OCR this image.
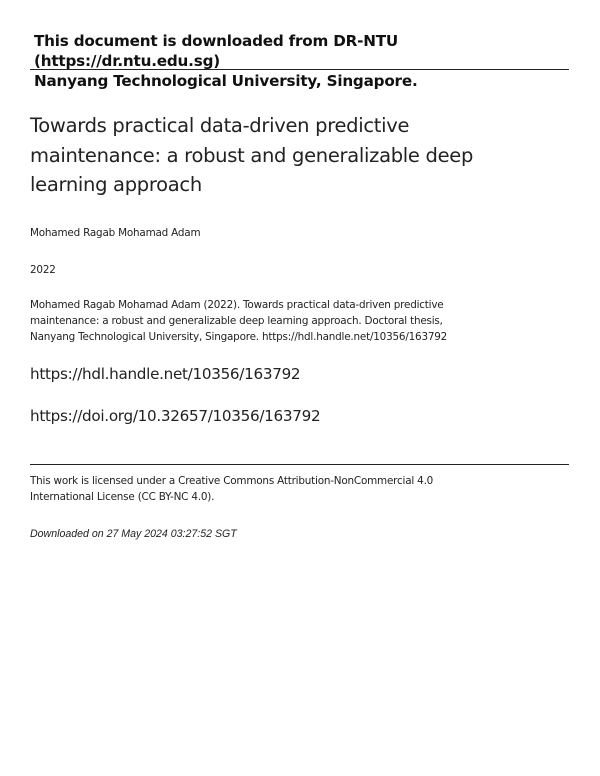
This document is downloaded from DR-NTU (https://dr.ntu.edu.sg)
Nanyang Technological University, Singapore.
Towards practical data-driven predictive maintenance: a robust and generalizable deep learning approach
Mohamed Ragab Mohamad Adam
2022
Mohamed Ragab Mohamad Adam (2022). Towards practical data-driven predictive maintenance: a robust and generalizable deep learning approach. Doctoral thesis, Nanyang Technological University, Singapore. https://hdl.handle.net/10356/163792
https://hdl.handle.net/10356/163792
https://doi.org/10.32657/10356/163792
This work is licensed under a Creative Commons Attribution-NonCommercial 4.0 International License (CC BY-NC 4.0).
Downloaded on 27 May 2024 03:27:52 SGT
